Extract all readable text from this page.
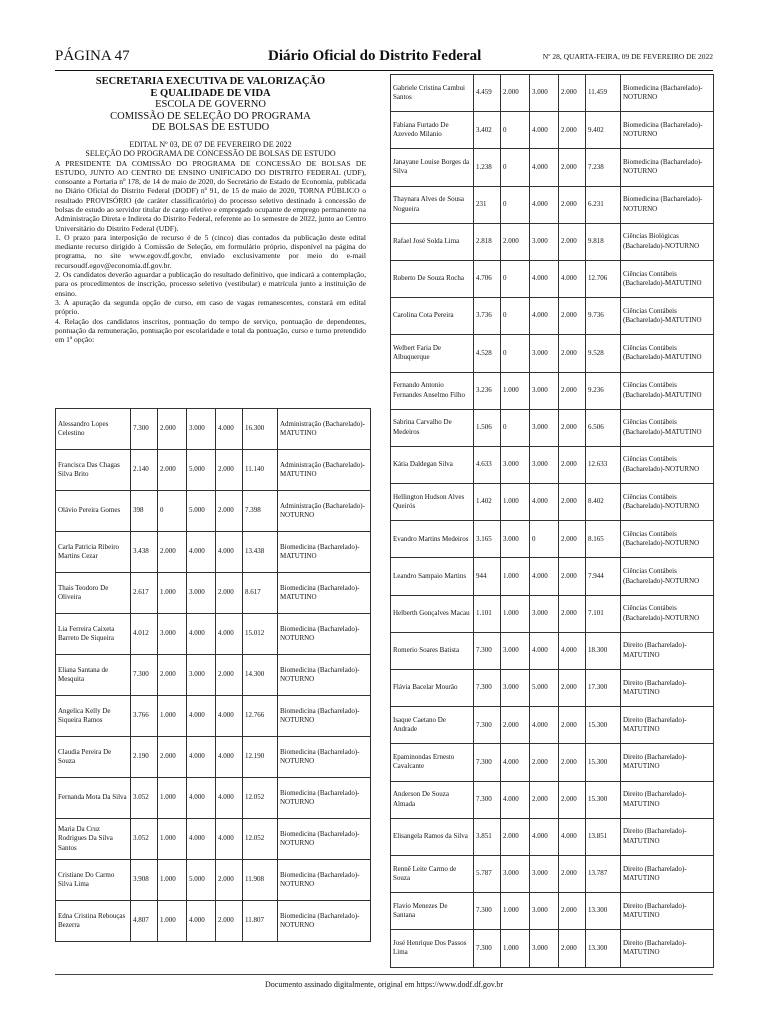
PÁGINA 47	Diário Oficial do Distrito Federal	Nº 28, QUARTA-FEIRA, 09 DE FEVEREIRO DE 2022
SECRETARIA EXECUTIVA DE VALORIZAÇÃO
E QUALIDADE DE VIDA
ESCOLA DE GOVERNO
COMISSÃO DE SELEÇÃO DO PROGRAMA
DE BOLSAS DE ESTUDO
EDITAL Nº 03, DE 07 DE FEVEREIRO DE 2022
SELEÇÃO DO PROGRAMA DE CONCESSÃO DE BOLSAS DE ESTUDO

A PRESIDENTE DA COMISSÃO DO PROGRAMA DE CONCESSÃO DE BOLSAS DE ESTUDO, JUNTO AO CENTRO DE ENSINO UNIFICADO DO DISTRITO FEDERAL (UDF), consoante a Portaria nº 178, de 14 de maio de 2020, do Secretário de Estado de Economia, publicada no Diário Oficial do Distrito Federal (DODF) nº 91, de 15 de maio de 2020, TORNA PÚBLICO o resultado PROVISÓRIO (de caráter classificatório) do processo seletivo destinado à concessão de bolsas de estudo ao servidor titular de cargo efetivo e empregado ocupante de emprego permanente na Administração Direta e Indireta do Distrito Federal, referente ao 1o semestre de 2022, junto ao Centro Universitário do Distrito Federal (UDF).

1. O prazo para interposição de recurso é de 5 (cinco) dias contados da publicação deste edital mediante recurso dirigido à Comissão de Seleção, em formulário próprio, disponível na página do programa, no site www.egov.df.gov.br, enviado exclusivamente por meio do e-mail recursoudf.egov@economia.df.gov.br.

2. Os candidatos deverão aguardar a publicação do resultado definitivo, que indicará a contemplação, para os procedimentos de inscrição, processo seletivo (vestibular) e matrícula junto a instituição de ensino.

3. A apuração da segunda opção de curso, em caso de vagas remanescentes, constará em edital próprio.

4. Relação dos candidatos inscritos, pontuação do tempo de serviço, pontuação de dependentes, pontuação da remuneração, pontuação por escolaridade e total da pontuação, curso e turno pretendido em 1ª opção:

Alessandro Lopes Celestino	7.300	2.000	3.000	4.000	16.300	Administração (Bacharelado)-MATUTINO
Francisca Das Chagas Silva Brito	2.140	2.000	5.000	2.000	11.140	Administração (Bacharelado)-MATUTINO
Olávio Pereira Gomes	398	0	5.000	2.000	7.398	Administração (Bacharelado)-NOTURNO
Carla Patricia Ribeiro Martins Cezar	3.438	2.000	4.000	4.000	13.438	Biomedicina (Bacharelado)-MATUTINO
Thais Teodoro De Oliveira	2.617	1.000	3.000	2.000	8.617	Biomedicina (Bacharelado)-MATUTINO
Lia Ferreira Caixeta Barreto De Siqueira	4.012	3.000	4.000	4.000	15.012	Biomedicina (Bacharelado)-NOTURNO
Eliana Santana de Mesquita	7.300	2.000	3.000	2.000	14.300	Biomedicina (Bacharelado)-NOTURNO
Angelica Kelly De Siqueira Ramos	3.766	1.000	4.000	4.000	12.766	Biomedicina (Bacharelado)-NOTURNO
Claudia Pereira De Souza	2.190	2.000	4.000	4.000	12.190	Biomedicina (Bacharelado)-NOTURNO
Fernanda Mota Da Silva	3.052	1.000	4.000	4.000	12.052	Biomedicina (Bacharelado)-NOTURNO
Maria Da Cruz Rodrigues Da Silva Santos	3.052	1.000	4.000	4.000	12.052	Biomedicina (Bacharelado)-NOTURNO
Cristiane Do Carmo Silva Lima	3.908	1.000	5.000	2.000	11.908	Biomedicina (Bacharelado)-NOTURNO
Edna Cristina Rebouças Bezerra	4.807	1.000	4.000	2.000	11.807	Biomedicina (Bacharelado)-NOTURNO
Gabriele Cristina Cambui Santos	4.459	2.000	3.000	2.000	11.459	Biomedicina (Bacharelado)-NOTURNO
Fabiana Furtado De Azevedo Milanio	3.402	0	4.000	2.000	9.402	Biomedicina (Bacharelado)-NOTURNO
Janayane Louise Borges da Silva	1.238	0	4.000	2.000	7.238	Biomedicina (Bacharelado)-NOTURNO
Thaynara Alves de Sousa Nogueira	231	0	4.000	2.000	6.231	Biomedicina (Bacharelado)-NOTURNO
Rafael José Solda Lima	2.818	2.000	3.000	2.000	9.818	Ciências Biológicas (Bacharelado)-NOTURNO
Roberto De Souza Rocha	4.706	0	4.000	4.000	12.706	Ciências Contábeis (Bacharelado)-MATUTINO
Carolina Cota Pereira	3.736	0	4.000	2.000	9.736	Ciências Contábeis (Bacharelado)-MATUTINO
Welbert Faria De Albuquerque	4.528	0	3.000	2.000	9.528	Ciências Contábeis (Bacharelado)-MATUTINO
Fernando Antonio Fernandes Anselmo Filho	3.236	1.000	3.000	2.000	9.236	Ciências Contábeis (Bacharelado)-MATUTINO
Sabrina Carvalho De Medeiros	1.506	0	3.000	2.000	6.506	Ciências Contábeis (Bacharelado)-MATUTINO
Kátia Daldegan Silva	4.633	3.000	3.000	2.000	12.633	Ciências Contábeis (Bacharelado)-NOTURNO
Hellington Hudson Alves Queirós	1.402	1.000	4.000	2.000	8.402	Ciências Contábeis (Bacharelado)-NOTURNO
Evandro Martins Medeiros	3.165	3.000	0	2.000	8.165	Ciências Contábeis (Bacharelado)-NOTURNO
Leandro Sampaio Martins	944	1.000	4.000	2.000	7.944	Ciências Contábeis (Bacharelado)-NOTURNO
Helberth Gonçalves Macau	1.101	1.000	3.000	2.000	7.101	Ciências Contábeis (Bacharelado)-NOTURNO
Romerio Soares Batista	7.300	3.000	4.000	4.000	18.300	Direito (Bacharelado)-MATUTINO
Flávia Bacelar Mourão	7.300	3.000	5.000	2.000	17.300	Direito (Bacharelado)-MATUTINO
Isaque Caetano De Andrade	7.300	2.000	4.000	2.000	15.300	Direito (Bacharelado)-MATUTINO
Epaminondas Ernesto Cavalcante	7.300	4.000	2.000	2.000	15.300	Direito (Bacharelado)-MATUTINO
Anderson De Souza Almada	7.300	4.000	2.000	2.000	15.300	Direito (Bacharelado)-MATUTINO
Elisangela Ramos da Silva	3.851	2.000	4.000	4.000	13.851	Direito (Bacharelado)-MATUTINO
Rennê Leite Carmo de Souza	5.787	3.000	3.000	2.000	13.787	Direito (Bacharelado)-MATUTINO
Flavio Menezes De Santana	7.300	1.000	3.000	2.000	13.300	Direito (Bacharelado)-MATUTINO
José Henrique Dos Passos Lima	7.300	1.000	3.000	2.000	13.300	Direito (Bacharelado)-MATUTINO
Documento assinado digitalmente, original em https://www.dodf.df.gov.br
